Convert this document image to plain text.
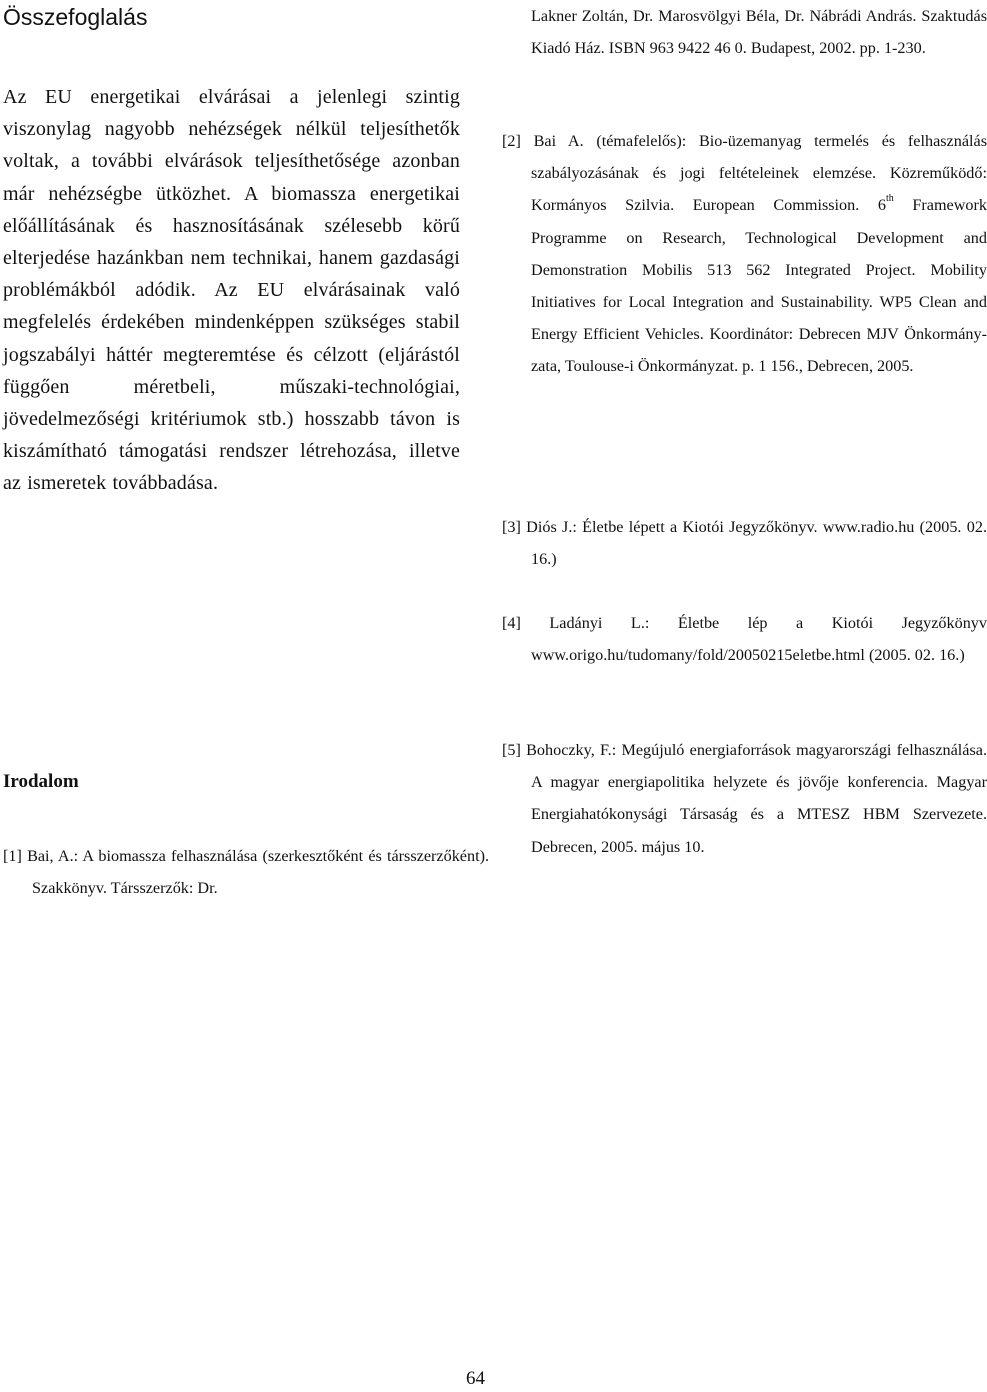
Összefoglalás

Az EU energetikai elvárásai a jelenlegi szintig viszonylag nagyobb nehézségek nélkül teljesíthetők voltak, a további elvárások teljesíthetősége azonban már nehézségbe ütközhet. A biomassza energetikai előállításának és hasznosításának szélesebb körű elterjedése hazánkban nem technikai, hanem gazdasági problémákból adódik. Az EU elvárásainak való megfelelés érdekében mindenképpen szükséges stabil jogszabályi háttér megteremtése és célzott (eljárástól függően méretbeli, műszaki-technológiai, jövedelmezőségi kritériumok stb.) hosszabb távon is kiszámítható támogatási rendszer létrehozása, illetve az ismeretek továbbadása.

Irodalom

[1] Bai, A.: A biomassza felhasználása (szerkesztőként és társszerzőként). Szakkönyv. Társszerzők: Dr.

Lakner Zoltán, Dr. Marosvölgyi Béla, Dr. Nábrádi András. Szaktudás Kiadó Ház. ISBN 963 9422 46 0. Budapest, 2002. pp. 1-230.

[2] Bai A. (témafelelős): Bio-üzemanyag termelés és felhasználás szabályozásának és jogi feltételeinek elemzése. Közreműködő: Kormányos Szilvia. European Commission. 6th Framework Programme on Research, Technological Development and Demonstration Mobilis 513 562 Integrated Project. Mobility Initiatives for Local Integration and Sustainability. WP5 Clean and Energy Efficient Vehicles. Koordinátor: Debrecen MJV Önkormányzata, Toulouse-i Önkormányzat. p. 1 156., Debrecen, 2005.

[3] Diós J.: Életbe lépett a Kiotói Jegyzőkönyv. www.radio.hu (2005. 02. 16.)

[4] Ladányi L.: Életbe lép a Kiotói Jegyzőkönyv www.origo.hu/tudomany/fold/20050215eletbe.html (2005. 02. 16.)

[5] Bohoczky, F.: Megújuló energiaforrások magyarországi felhasználása. A magyar energiapolitika helyzete és jövője konferencia. Magyar Energiahatókonysági Társaság és a MTESZ HBM Szervezete. Debrecen, 2005. május 10.

64
